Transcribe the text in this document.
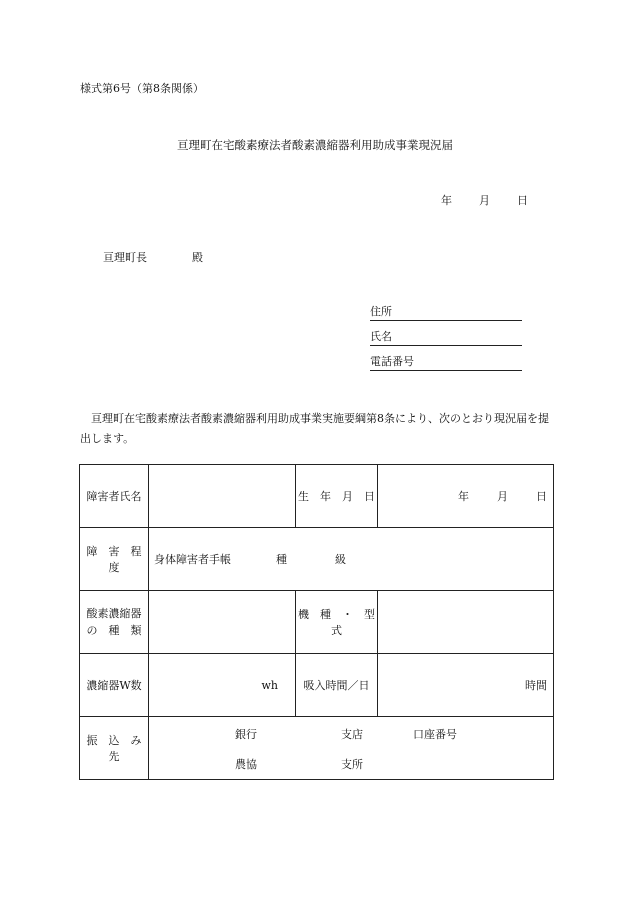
様式第6号（第8条関係）
亘理町在宅酸素療法者酸素濃縮器利用助成事業現況届
年 月 日
亘理町長	殿
住所
氏名
電話番号
亘理町在宅酸素療法者酸素濃縮器利用助成事業実施要綱第8条により、次のとおり現況届を提出します。
障害者氏名		生　年　月　日	年 月 日
障　害　程　度	身体障害者手帳 種 級		

酸素濃縮器
の　種　類		機　種　・　型　式	
濃縮器W数	wh	吸入時間／日	時間
振　込　み　先	銀行 支店 口座番号
農協 支所		
